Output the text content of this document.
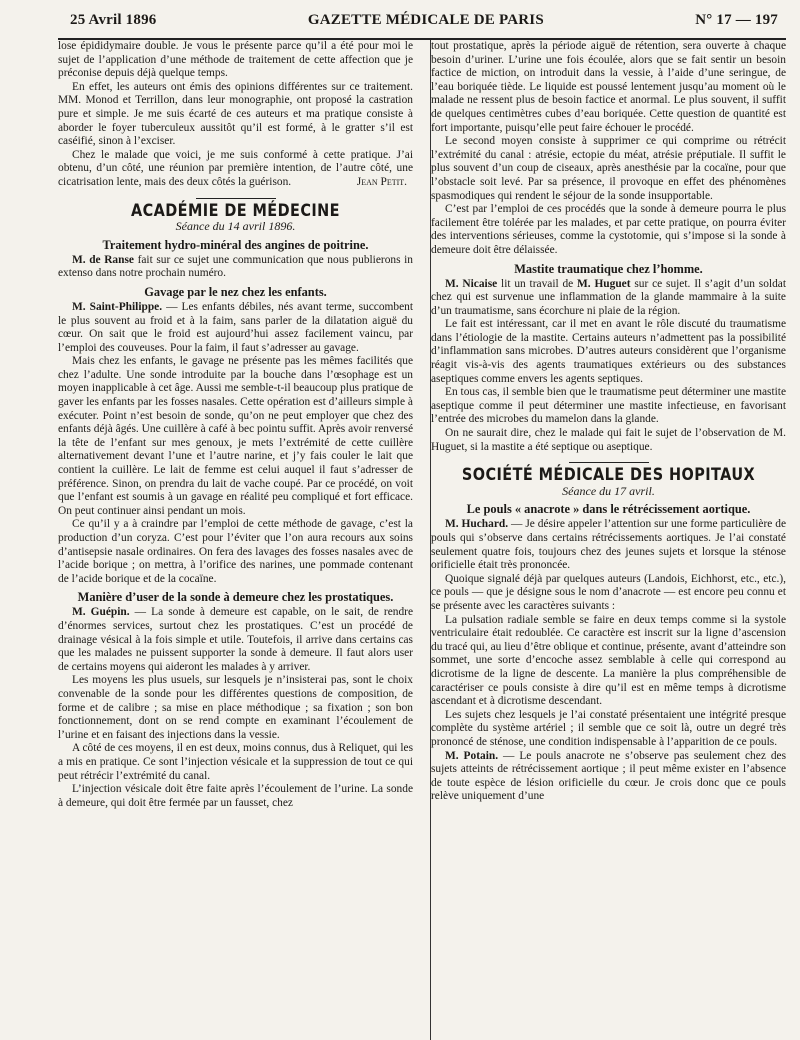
25 Avril 1896	GAZETTE MÉDICALE DE PARIS	N° 17 — 197

lose épididymaire double. Je vous le présente parce qu’il a été pour moi le sujet de l’application d’une méthode de traitement de cette affection que je préconise depuis déjà quelque temps.

En effet, les auteurs ont émis des opinions différentes sur ce traitement. MM. Monod et Terrillon, dans leur monographie, ont proposé la castration pure et simple. Je me suis écarté de ces auteurs et ma pratique consiste à aborder le foyer tuberculeux aussitôt qu’il est formé, à le gratter s’il est caséifié, sinon à l’exciser.

Chez le malade que voici, je me suis conformé à cette pratique. J’ai obtenu, d’un côté, une réunion par première intention, de l’autre côté, une cicatrisation lente, mais des deux côtés la guérison.	Jean Petit.
ACADÉMIE DE MÉDECINE
Séance du 14 avril 1896.
Traitement hydro-minéral des angines de poitrine.

M. de Ranse fait sur ce sujet une communication que nous publierons in extenso dans notre prochain numéro.

Gavage par le nez chez les enfants.

M. Saint-Philippe. — Les enfants débiles, nés avant terme, succombent le plus souvent au froid et à la faim, sans parler de la dilatation aiguë du cœur. On sait que le froid est aujourd’hui assez facilement vaincu, par l’emploi des couveuses. Pour la faim, il faut s’adresser au gavage.

Mais chez les enfants, le gavage ne présente pas les mêmes facilités que chez l’adulte. Une sonde introduite par la bouche dans l’œsophage est un moyen inapplicable à cet âge. Aussi me semble-t-il beaucoup plus pratique de gaver les enfants par les fosses nasales. Cette opération est d’ailleurs simple à exécuter. Point n’est besoin de sonde, qu’on ne peut employer que chez des enfants déjà âgés. Une cuillère à café à bec pointu suffit. Après avoir renversé la tête de l’enfant sur mes genoux, je mets l’extrémité de cette cuillère alternativement devant l’une et l’autre narine, et j’y fais couler le lait que contient la cuillère. Le lait de femme est celui auquel il faut s’adresser de préférence. Sinon, on prendra du lait de vache coupé. Par ce procédé, on voit que l’enfant est soumis à un gavage en réalité peu compliqué et fort efficace. On peut continuer ainsi pendant un mois.

Ce qu’il y a à craindre par l’emploi de cette méthode de gavage, c’est la production d’un coryza. C’est pour l’éviter que l’on aura recours aux soins d’antisepsie nasale ordinaires. On fera des lavages des fosses nasales avec de l’acide borique ; on mettra, à l’orifice des narines, une pommade contenant de l’acide borique et de la cocaïne.

Manière d’user de la sonde à demeure chez les prostatiques.

M. Guépin. — La sonde à demeure est capable, on le sait, de rendre d’énormes services, surtout chez les prostatiques. C’est un procédé de drainage vésical à la fois simple et utile. Toutefois, il arrive dans certains cas que les malades ne puissent supporter la sonde à demeure. Il faut alors user de certains moyens qui aideront les malades à y arriver.

Les moyens les plus usuels, sur lesquels je n’insisterai pas, sont le choix convenable de la sonde pour les différentes questions de composition, de forme et de calibre ; sa mise en place méthodique ; sa fixation ; son bon fonctionnement, dont on se rend compte en examinant l’écoulement de l’urine et en faisant des injections dans la vessie.

A côté de ces moyens, il en est deux, moins connus, dus à Reliquet, qui les a mis en pratique. Ce sont l’injection vésicale et la suppression de tout ce qui peut rétrécir l’extrémité du canal.

L’injection vésicale doit être faite après l’écoulement de l’urine. La sonde à demeure, qui doit être fermée par un fausset, chez

tout prostatique, après la période aiguë de rétention, sera ouverte à chaque besoin d’uriner. L’urine une fois écoulée, alors que se fait sentir un besoin factice de miction, on introduit dans la vessie, à l’aide d’une seringue, de l’eau boriquée tiède. Le liquide est poussé lentement jusqu’au moment où le malade ne ressent plus de besoin factice et anormal. Le plus souvent, il suffit de quelques centimètres cubes d’eau boriquée. Cette question de quantité est fort importante, puisqu’elle peut faire échouer le procédé.

Le second moyen consiste à supprimer ce qui comprime ou rétrécit l’extrémité du canal : atrésie, ectopie du méat, atrésie préputiale. Il suffit le plus souvent d’un coup de ciseaux, après anesthésie par la cocaïne, pour que l’obstacle soit levé. Par sa présence, il provoque en effet des phénomènes spasmodiques qui rendent le séjour de la sonde insupportable.

C’est par l’emploi de ces procédés que la sonde à demeure pourra le plus facilement être tolérée par les malades, et par cette pratique, on pourra éviter des interventions sérieuses, comme la cystotomie, qui s’impose si la sonde à demeure doit être délaissée.

Mastite traumatique chez l’homme.

M. Nicaise lit un travail de M. Huguet sur ce sujet. Il s’agit d’un soldat chez qui est survenue une inflammation de la glande mammaire à la suite d’un traumatisme, sans écorchure ni plaie de la région.

Le fait est intéressant, car il met en avant le rôle discuté du traumatisme dans l’étiologie de la mastite. Certains auteurs n’admettent pas la possibilité d’inflammation sans microbes. D’autres auteurs considèrent que l’organisme réagit vis-à-vis des agents traumatiques extérieurs ou des substances aseptiques comme envers les agents septiques.

En tous cas, il semble bien que le traumatisme peut déterminer une mastite aseptique comme il peut déterminer une mastite infectieuse, en favorisant l’entrée des microbes du mamelon dans la glande.

On ne saurait dire, chez le malade qui fait le sujet de l’observation de M. Huguet, si la mastite a été septique ou aseptique.

SOCIÉTÉ MÉDICALE DES HOPITAUX
Séance du 17 avril.
Le pouls « anacrote » dans le rétrécissement aortique.

M. Huchard. — Je désire appeler l’attention sur une forme particulière de pouls qui s’observe dans certains rétrécissements aortiques. Je l’ai constaté seulement quatre fois, toujours chez des jeunes sujets et lorsque la sténose orificielle était très prononcée.

Quoique signalé déjà par quelques auteurs (Landois, Eichhorst, etc., etc.), ce pouls — que je désigne sous le nom d’anacrote — est encore peu connu et se présente avec les caractères suivants :

La pulsation radiale semble se faire en deux temps comme si la systole ventriculaire était redoublée. Ce caractère est inscrit sur la ligne d’ascension du tracé qui, au lieu d’être oblique et continue, présente, avant d’atteindre son sommet, une sorte d’encoche assez semblable à celle qui correspond au dicrotisme de la ligne de descente. La manière la plus compréhensible de caractériser ce pouls consiste à dire qu’il est en même temps à dicrotisme ascendant et à dicrotisme descendant.

Les sujets chez lesquels je l’ai constaté présentaient une intégrité presque complète du système artériel ; il semble que ce soit là, outre un degré très prononcé de sténose, une condition indispensable à l’apparition de ce pouls.

M. Potain. — Le pouls anacrote ne s’observe pas seulement chez des sujets atteints de rétrécissement aortique ; il peut même exister en l’absence de toute espèce de lésion orificielle du cœur. Je crois donc que ce pouls relève uniquement d’une
